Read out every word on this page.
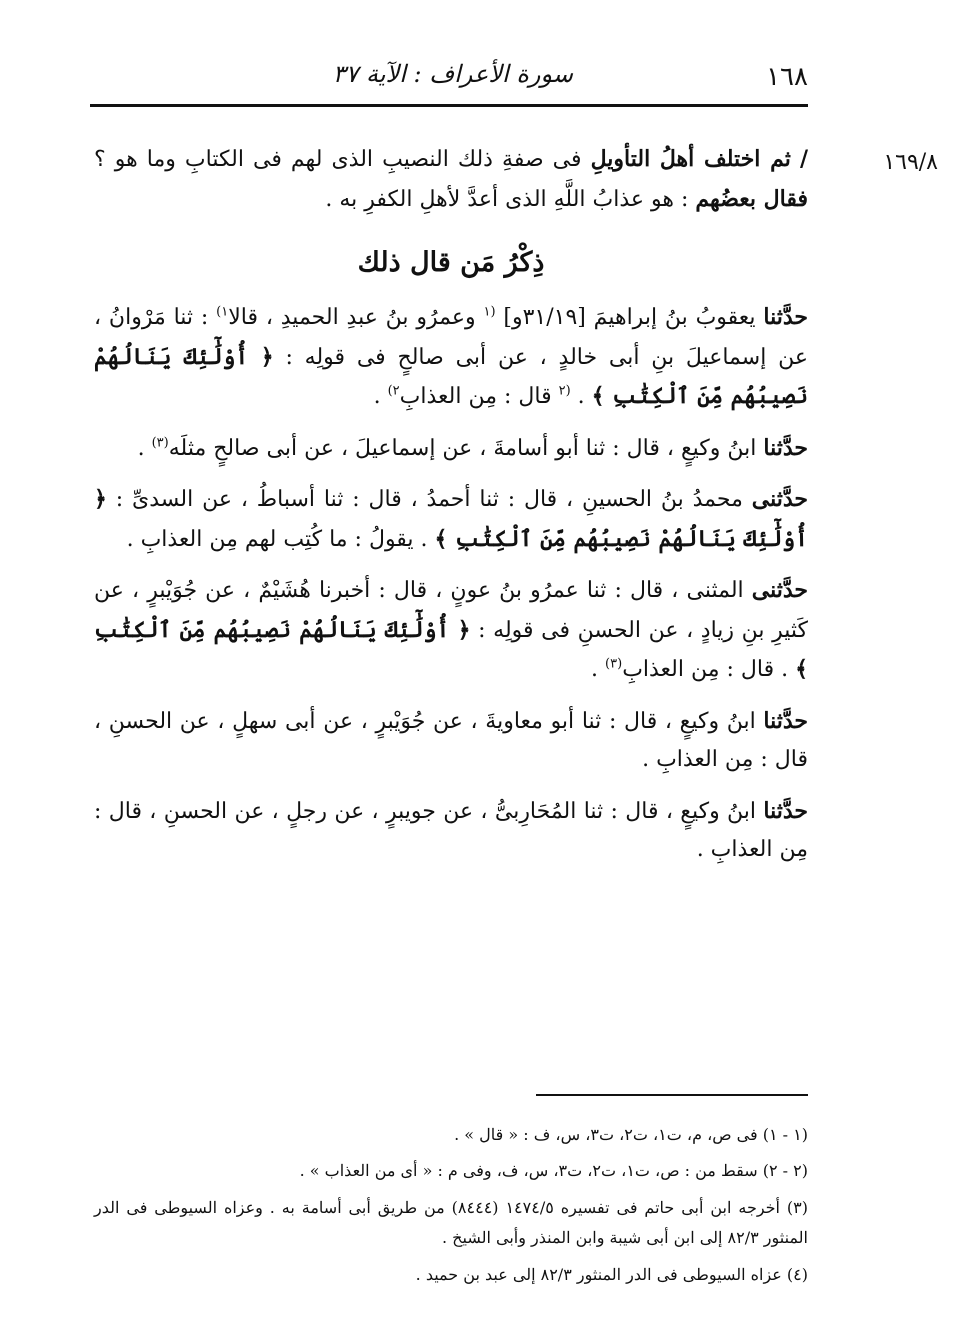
١٦٨
سورة الأعراف : الآية ٣٧
١٦٩/٨

/ ثم اختلف أهلُ التأويلِ فى صفةِ ذلك النصيبِ الذى لهم فى الكتابِ وما هو ؟ فقال بعضُهم : هو عذابُ اللَّهِ الذى أعدَّ لأهلِ الكفرِ به .

ذِكْرُ مَن قال ذلك

حدَّثنا يعقوبُ بنُ إبراهيمَ [٣١/١٩و] $^{(١}$ وعمرُو بنُ عبدِ الحميدِ ، قالا$^{١)}$ : ثنا مَرْوانُ ، عن إسماعيلَ بنِ أبى خالدٍ ، عن أبى صالحٍ فى قولِه : ﴿ أُوْلَٰٓئِكَ يَنَالُهُمْ نَصِيبُهُم مِّنَ ٱلْكِتَٰبِ ﴾ . $^{(٢}$ قال : مِن العذابِ$^{٢)}$ .

حدَّثنا ابنُ وكيعٍ ، قال : ثنا أبو أسامةَ ، عن إسماعيلَ ، عن أبى صالحٍ مثلَه$^{(٣)}$ .

حدَّثنى محمدُ بنُ الحسينِ ، قال : ثنا أحمدُ ، قال : ثنا أسباطُ ، عن السدىِّ : ﴿ أُوْلَٰٓئِكَ يَنَالُهُمْ نَصِيبُهُم مِّنَ ٱلْكِتَٰبِ ﴾ . يقولُ : ما كُتِب لهم مِن العذابِ .

حدَّثنى المثنى ، قال : ثنا عمرُو بنُ عونٍ ، قال : أخبرنا هُشَيْمٌ ، عن جُوَيْبرٍ ، عن كَثيرِ بنِ زيادٍ ، عن الحسنِ فى قولِه : ﴿ أُوْلَٰٓئِكَ يَنَالُهُمْ نَصِيبُهُم مِّنَ ٱلْكِتَٰبِ ﴾ . قال : مِن العذابِ$^{(٣)}$ .

حدَّثنا ابنُ وكيعٍ ، قال : ثنا أبو معاويةَ ، عن جُوَيْبرٍ ، عن أبى سهلٍ ، عن الحسنِ ، قال : مِن العذابِ .

حدَّثنا ابنُ وكيعٍ ، قال : ثنا المُحَارِبىُّ ، عن جويبرٍ ، عن رجلٍ ، عن الحسنِ ، قال : مِن العذابِ .

(١ - ١) فى ص، م، ت١، ت٢، ت٣، س، ف : « قال » .

(٢ - ٢) سقط من : ص، ت١، ت٢، ت٣، س، ف، وفى م : « أى من العذاب » .

(٣) أخرجه ابن أبى حاتم فى تفسيره ١٤٧٤/٥ (٨٤٤٤) من طريق أبى أسامة به . وعزاه السيوطى فى الدر المنثور ٨٢/٣ إلى ابن أبى شيبة وابن المنذر وأبى الشيخ .

(٤) عزاه السيوطى فى الدر المنثور ٨٢/٣ إلى عبد بن حميد .
